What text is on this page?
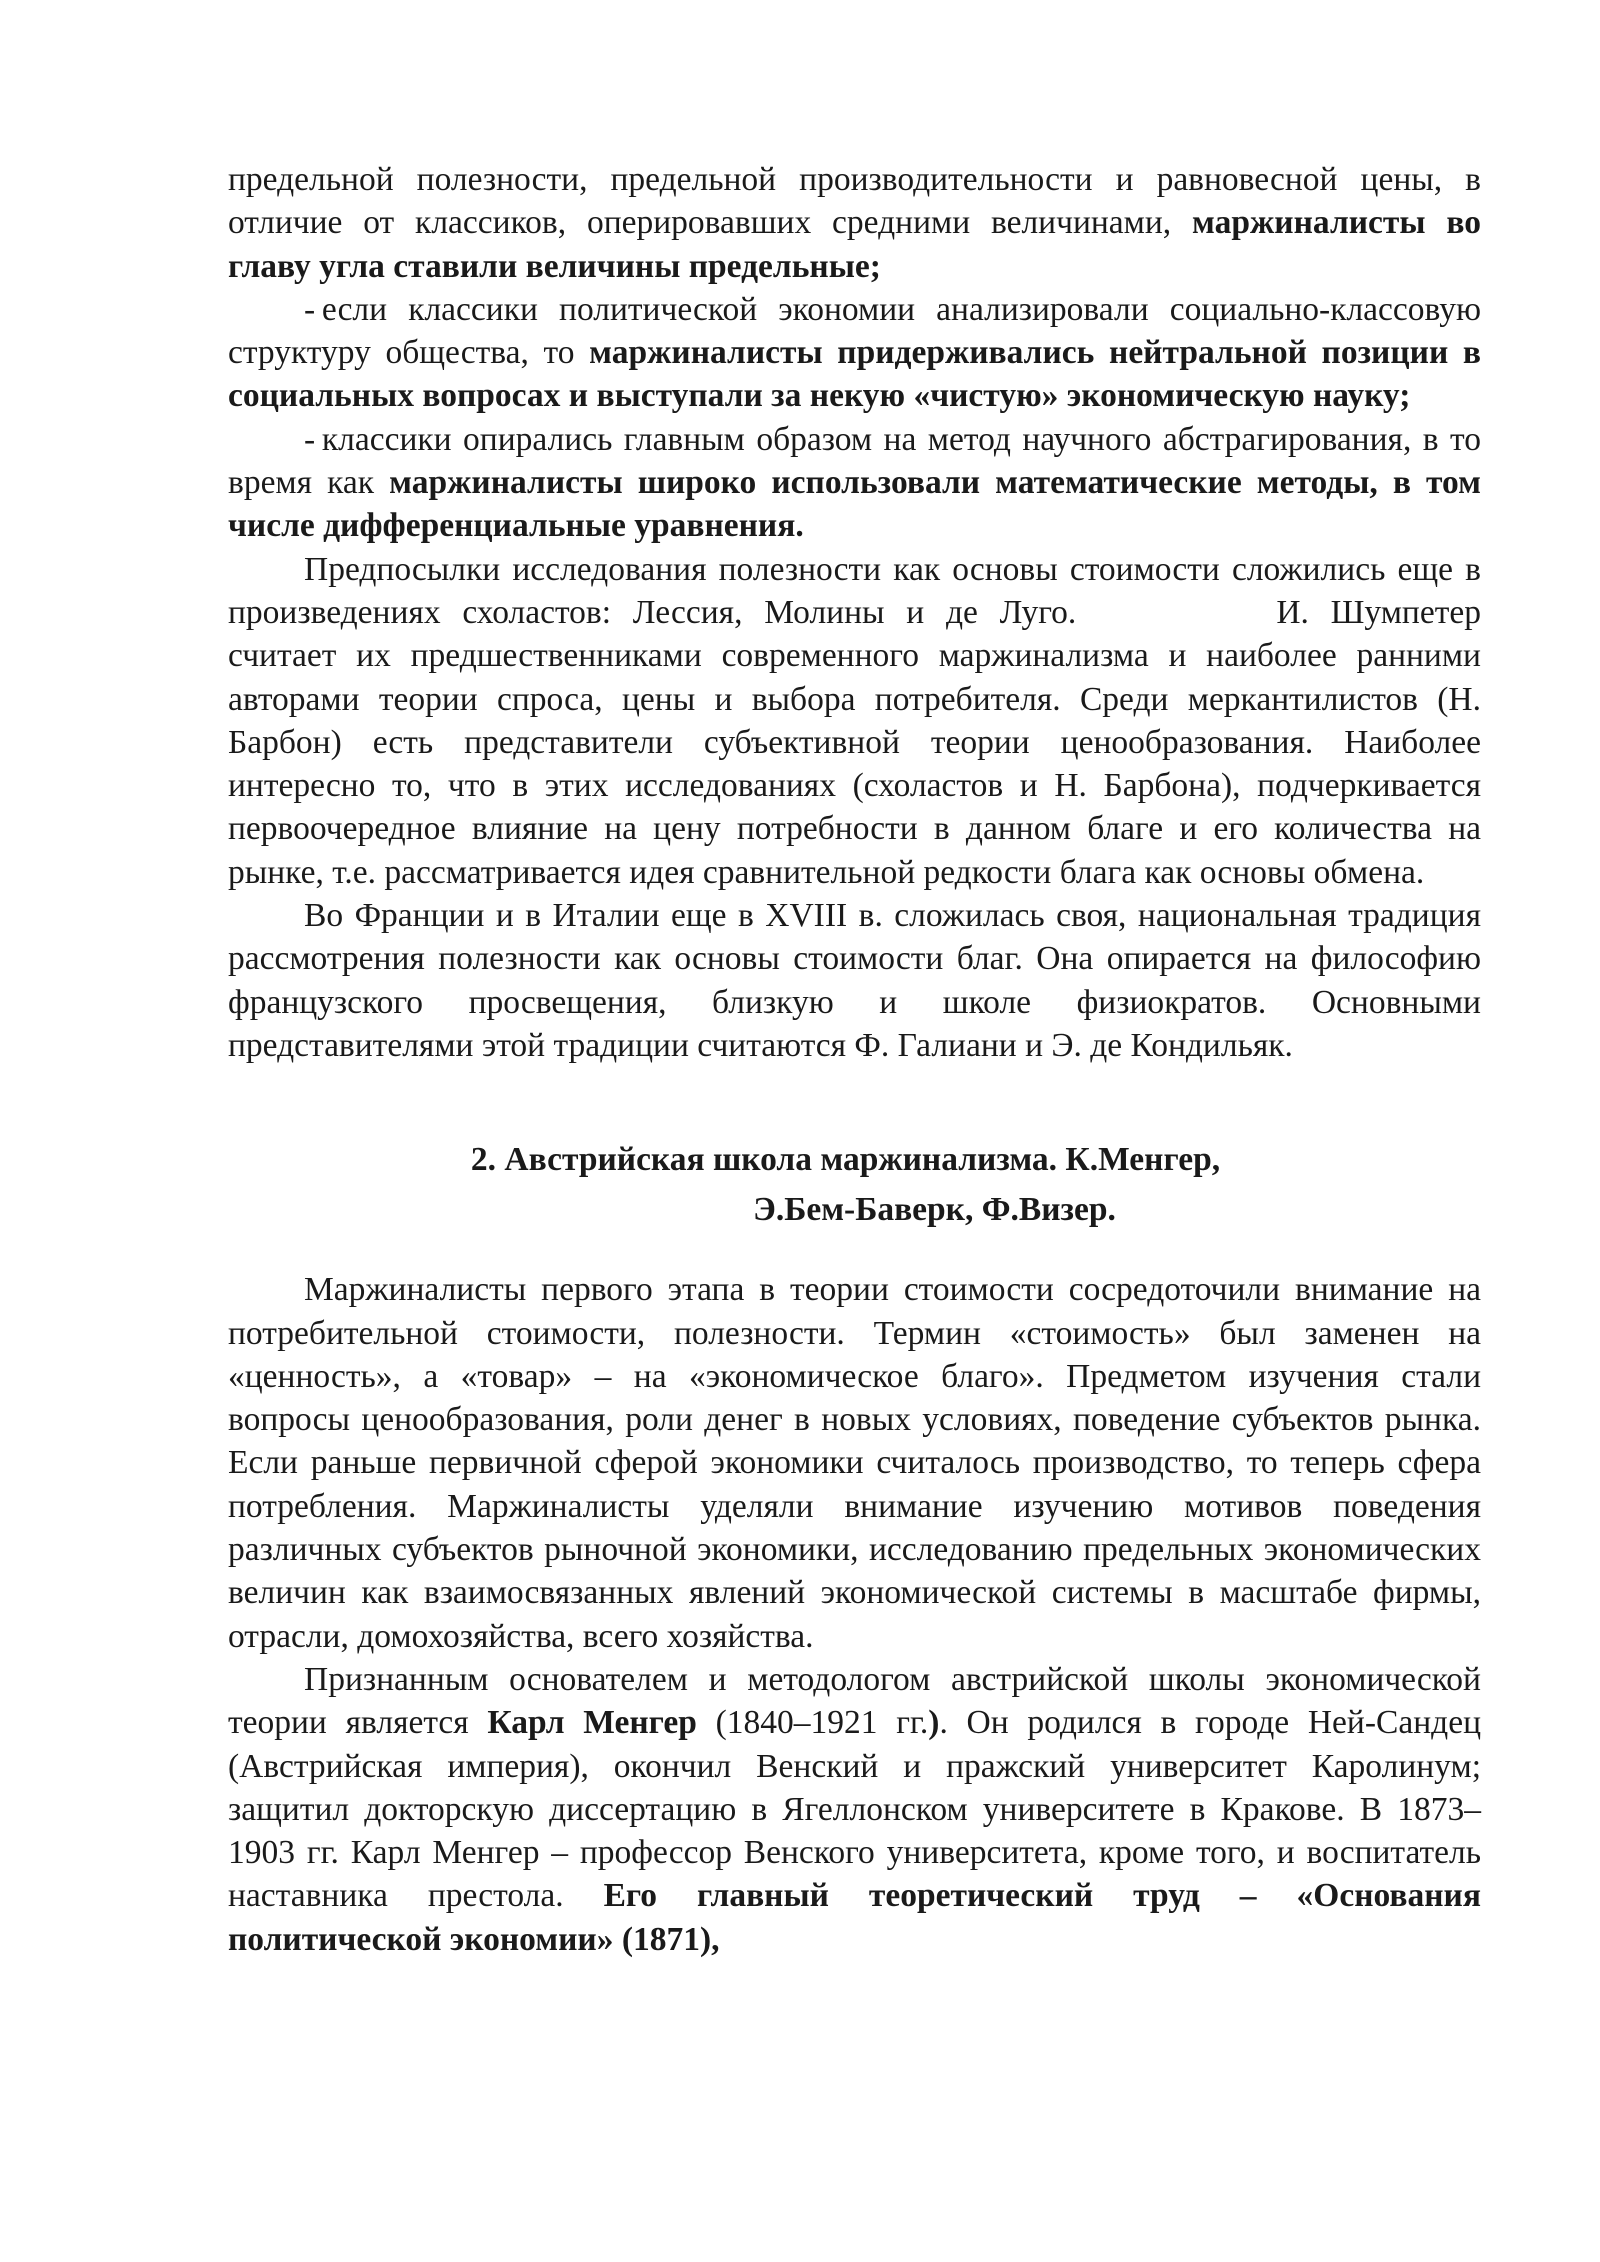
предельной полезности, предельной производительности и равновесной цены, в отличие от классиков, оперировавших средними величинами, маржиналисты во главу угла ставили величины предельные;

- если классики политической экономии анализировали социально-классовую структуру общества, то маржиналисты придерживались нейтральной позиции в социальных вопросах и выступали за некую «чистую» экономическую науку;

- классики опирались главным образом на метод научного абстрагирования, в то время как маржиналисты широко использовали математические методы, в том числе дифференциальные уравнения.

Предпосылки исследования полезности как основы стоимости сложились еще в произведениях схоластов: Лессия, Молины и де Луго.	И. Шумпетер считает их предшественниками современного маржинализма и наиболее ранними авторами теории спроса, цены и выбора потребителя. Среди меркантилистов (Н. Барбон) есть представители субъективной теории ценообразования. Наиболее интересно то, что в этих исследованиях (схоластов и Н. Барбона), подчеркивается первоочередное влияние на цену потребности в данном благе и его количества на рынке, т.е. рассматривается идея сравнительной редкости блага как основы обмена.

Во Франции и в Италии еще в XVIII в. сложилась своя, национальная традиция рассмотрения полезности как основы стоимости благ. Она опирается на философию французского просвещения, близкую и школе физиократов. Основными представителями этой традиции считаются Ф. Галиани и Э. де Кондильяк.

2. Австрийская школа маржинализма. К.Менгер,
Э.Бем-Баверк, Ф.Визер.

Маржиналисты первого этапа в теории стоимости сосредоточили внимание на потребительной стоимости, полезности. Термин «стоимость» был заменен на «ценность», а «товар» – на «экономическое благо». Предметом изучения стали вопросы ценообразования, роли денег в новых условиях, поведение субъектов рынка. Если раньше первичной сферой экономики считалось производство, то теперь сфера потребления. Маржиналисты уделяли внимание изучению мотивов поведения различных субъектов рыночной экономики, исследованию предельных экономических величин как взаимосвязанных явлений экономической системы в масштабе фирмы, отрасли, домохозяйства, всего хозяйства.

Признанным основателем и методологом австрийской школы экономической теории является Карл Менгер (1840–1921 гг.). Он родился в городе Ней-Сандец (Австрийская империя), окончил Венский и пражский университет Каролинум; защитил докторскую диссертацию в Ягеллонском университете в Кракове. В 1873–1903 гг. Карл Менгер – профессор Венского университета, кроме того, и воспитатель наставника престола. Его главный теоретический труд – «Основания политической экономии» (1871),
